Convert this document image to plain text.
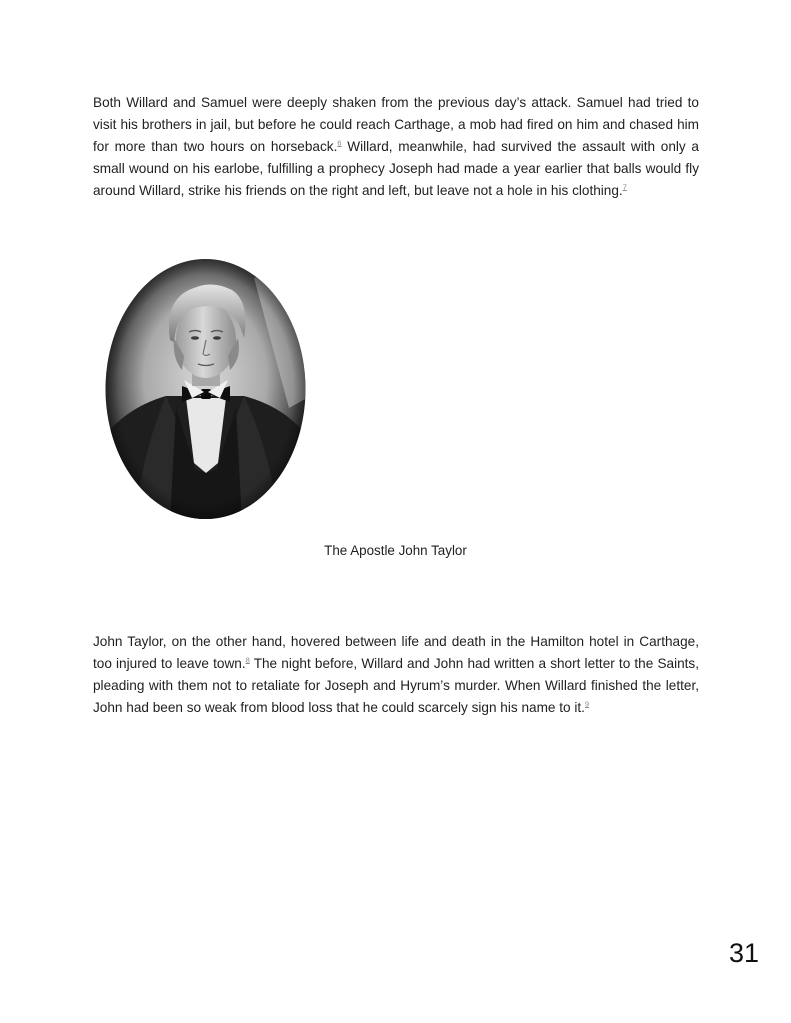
Both Willard and Samuel were deeply shaken from the previous day’s attack. Samuel had tried to visit his brothers in jail, but before he could reach Carthage, a mob had fired on him and chased him for more than two hours on horseback.$^6$ Willard, meanwhile, had survived the assault with only a small wound on his earlobe, fulfilling a prophecy Joseph had made a year earlier that balls would fly around Willard, strike his friends on the right and left, but leave not a hole in his clothing.$^7$

The Apostle John Taylor

John Taylor, on the other hand, hovered between life and death in the Hamilton hotel in Carthage, too injured to leave town.$^8$ The night before, Willard and John had written a short letter to the Saints, pleading with them not to retaliate for Joseph and Hyrum’s murder. When Willard finished the letter, John had been so weak from blood loss that he could scarcely sign his name to it.$^9$

31
